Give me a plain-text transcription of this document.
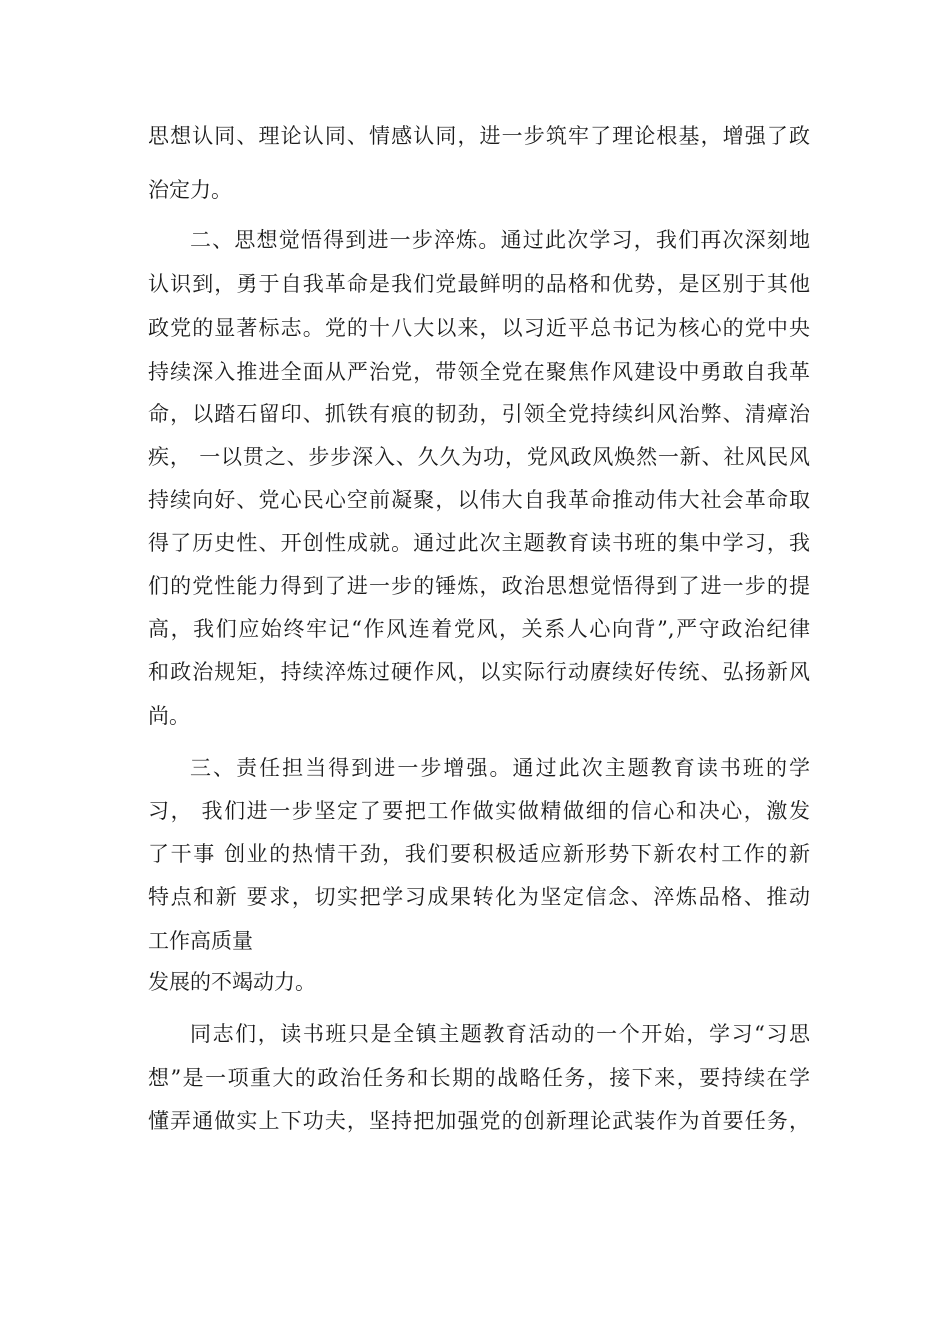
思想认同、理论认同、情感认同，进一步筑牢了理论根基，增强了政
治定力。
二、思想觉悟得到进一步淬炼。通过此次学习，我们再次深刻地
认识到，勇于自我革命是我们党最鲜明的品格和优势，是区别于其他
政党的显著标志。党的十八大以来，以习近平总书记为核心的党中央
持续深入推进全面从严治党，带领全党在聚焦作风建设中勇敢自我革
命，以踏石留印、抓铁有痕的韧劲，引领全党持续纠风治弊、清瘴治
疾， 一以贯之、步步深入、久久为功，党风政风焕然一新、社风民风
持续向好、党心民心空前凝聚，以伟大自我革命推动伟大社会革命取
得了历史性、开创性成就。通过此次主题教育读书班的集中学习，我
们的党性能力得到了进一步的锤炼，政治思想觉悟得到了进一步的提
高，我们应始终牢记“作风连着党风，关系人心向背”,严守政治纪律
和政治规矩，持续淬炼过硬作风，以实际行动赓续好传统、弘扬新风
尚。
三、责任担当得到进一步增强。通过此次主题教育读书班的学
习， 我们进一步坚定了要把工作做实做精做细的信心和决心，激发
了干事 创业的热情干劲，我们要积极适应新形势下新农村工作的新
特点和新 要求，切实把学习成果转化为坚定信念、淬炼品格、推动
工作高质量
发展的不竭动力。
同志们，读书班只是全镇主题教育活动的一个开始，学习“习思
想”是一项重大的政治任务和长期的战略任务，接下来，要持续在学
懂弄通做实上下功夫，坚持把加强党的创新理论武装作为首要任务，
